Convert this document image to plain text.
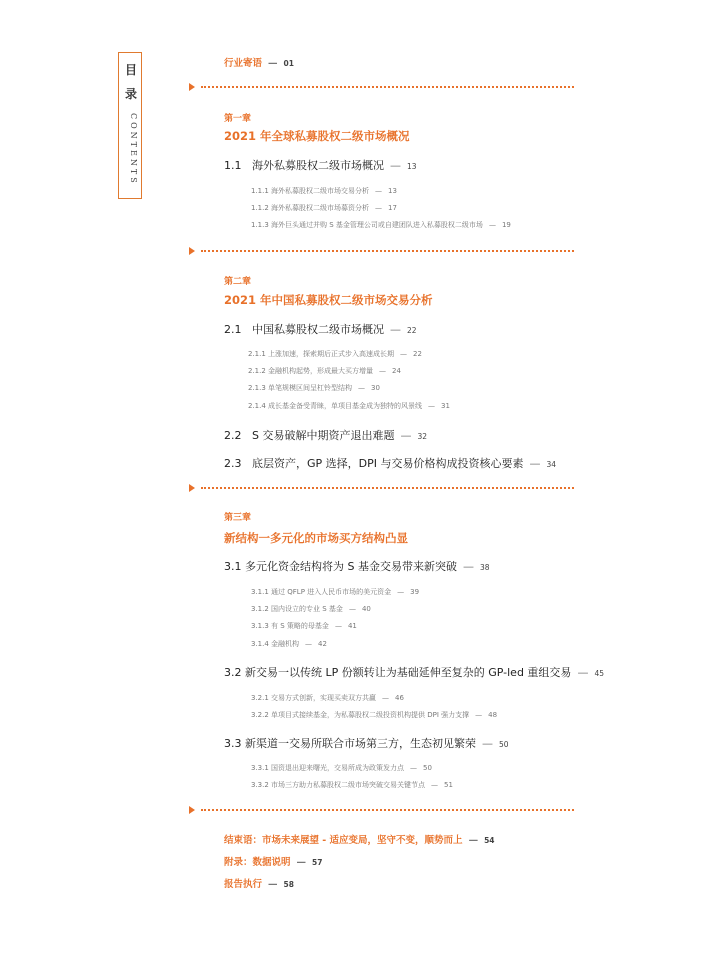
目
录
CONTENTS
行业寄语 — 01
第一章
2021 年全球私募股权二级市场概况
1.1   海外私募股权二级市场概况 — 13
1.1.1 海外私募股权二级市场交易分析 — 13
1.1.2 海外私募股权二级市场募资分析 — 17
1.1.3 海外巨头通过并购 S 基金管理公司或自建团队进入私募股权二级市场 — 19
第二章
2021 年中国私募股权二级市场交易分析
2.1   中国私募股权二级市场概况 — 22
2.1.1 上涨加速，探索期后正式步入高速成长期 — 22
2.1.2 金融机构起势，形成最大买方增量 — 24
2.1.3 单笔规模区间呈杠铃型结构 — 30
2.1.4 成长基金备受青睐，单项目基金成为独特的风景线 — 31
2.2   S 交易破解中期资产退出难题 — 32
2.3   底层资产，GP 选择，DPI 与交易价格构成投资核心要素 — 34
第三章
新结构一多元化的市场买方结构凸显
3.1 多元化资金结构将为 S 基金交易带来新突破 — 38
3.1.1 通过 QFLP 进入人民币市场的美元资金 — 39
3.1.2 国内设立的专业 S 基金 — 40
3.1.3 有 S 策略的母基金 — 41
3.1.4 金融机构 — 42
3.2 新交易一以传统 LP 份额转让为基础延伸至复杂的 GP-led 重组交易 — 45
3.2.1 交易方式创新，实现买卖双方共赢 — 46
3.2.2 单项目式接续基金，为私募股权二级投资机构提供 DPI 强力支撑 — 48
3.3 新渠道一交易所联合市场第三方，生态初见繁荣 — 50
3.3.1 国资退出迎来曙光，交易所成为政策发力点 — 50
3.3.2 市场三方助力私募股权二级市场突破交易关键节点 — 51
结束语：市场未来展望 - 适应变局，坚守不变，顺势而上 — 54
附录：数据说明 — 57
报告执行 — 58
